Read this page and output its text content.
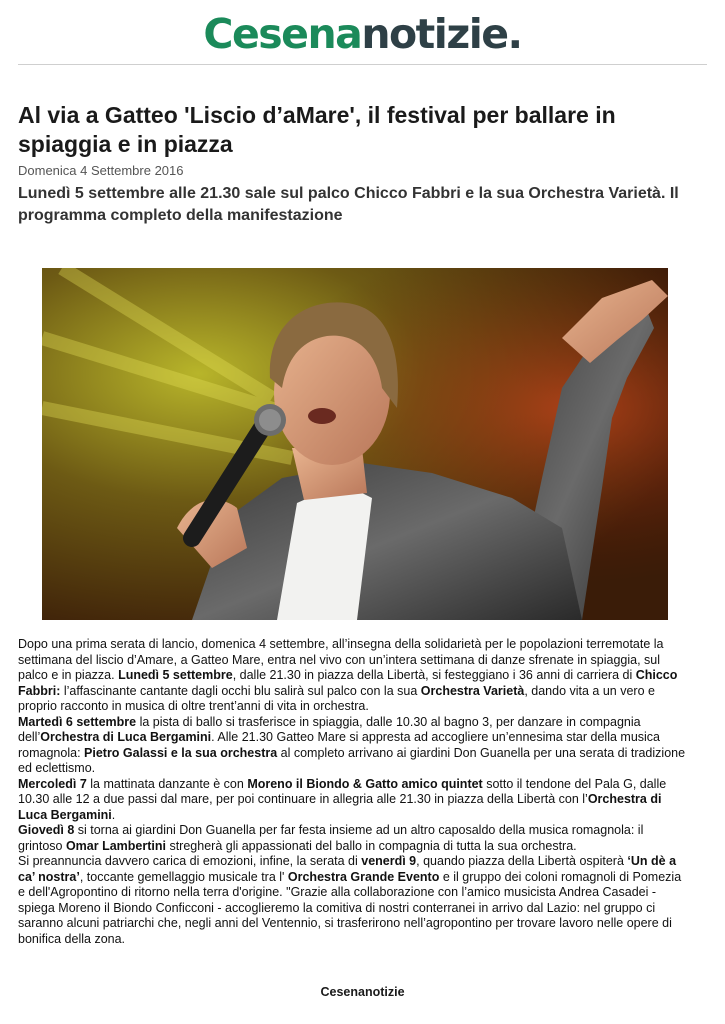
Cesenanotizie.
Al via a Gatteo 'Liscio d’aMare', il festival per ballare in spiaggia e in piazza
Domenica 4 Settembre 2016
Lunedì 5 settembre alle 21.30 sale sul palco Chicco Fabbri e la sua Orchestra Varietà. Il programma completo della manifestazione

Dopo una prima serata di lancio, domenica 4 settembre, all’insegna della solidarietà per le popolazioni terremotate la settimana del liscio d’Amare, a Gatteo Mare, entra nel vivo con un’intera settimana di danze sfrenate in spiaggia, sul palco e in piazza. Lunedì 5 settembre, dalle 21.30 in piazza della Libertà, si festeggiano i 36 anni di carriera di Chicco Fabbri: l’affascinante cantante dagli occhi blu salirà sul palco con la sua Orchestra Varietà, dando vita a un vero e proprio racconto in musica di oltre trent’anni di vita in orchestra.

Martedì 6 settembre la pista di ballo si trasferisce in spiaggia, dalle 10.30 al bagno 3, per danzare in compagnia dell’Orchestra di Luca Bergamini. Alle 21.30 Gatteo Mare si appresta ad accogliere un’ennesima star della musica romagnola: Pietro Galassi e la sua orchestra al completo arrivano ai giardini Don Guanella per una serata di tradizione ed eclettismo.

Mercoledì 7 la mattinata danzante è con Moreno il Biondo & Gatto amico quintet sotto il tendone del Pala G, dalle 10.30 alle 12 a due passi dal mare, per poi continuare in allegria alle 21.30 in piazza della Libertà con l’Orchestra di Luca Bergamini.

Giovedì 8 si torna ai giardini Don Guanella per far festa insieme ad un altro caposaldo della musica romagnola: il grintoso Omar Lambertini stregherà gli appassionati del ballo in compagnia di tutta la sua orchestra.

Si preannuncia davvero carica di emozioni, infine, la serata di venerdì 9, quando piazza della Libertà ospiterà ‘Un dè a ca’ nostra’, toccante gemellaggio musicale tra l' Orchestra Grande Evento e il gruppo dei coloni romagnoli di Pomezia e dell'Agropontino di ritorno nella terra d'origine. "Grazie alla collaborazione con l’amico musicista Andrea Casadei - spiega Moreno il Biondo Conficconi - accoglieremo la comitiva di nostri conterranei in arrivo dal Lazio: nel gruppo ci saranno alcuni patriarchi che, negli anni del Ventennio, si trasferirono nell’agropontino per trovare lavoro nelle opere di bonifica della zona.

Cesenanotizie
